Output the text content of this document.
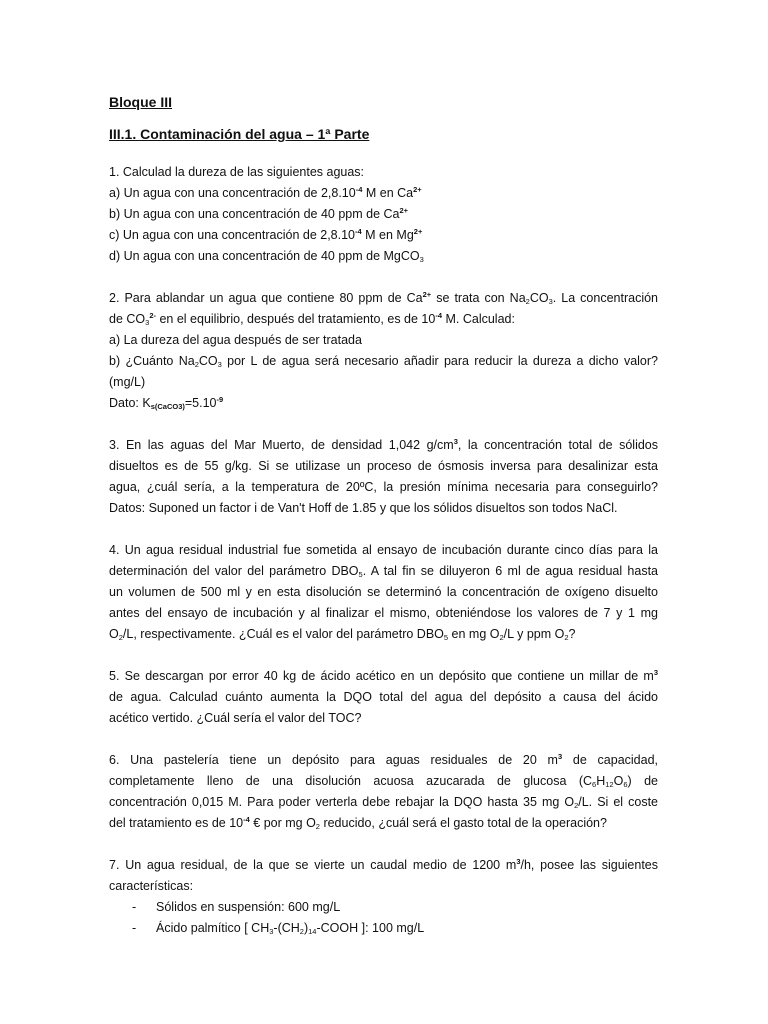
Bloque III
III.1. Contaminación del agua – 1ª Parte
1. Calculad la dureza de las siguientes aguas:
a) Un agua con una concentración de $2,8.10^{-4}$ M en $Ca^{2+}$
b) Un agua con una concentración de 40 ppm de $Ca^{2+}$
c) Un agua con una concentración de $2,8.10^{-4}$ M en $Mg^{2+}$
d) Un agua con una concentración de 40 ppm de MgCO$_3$
2. Para ablandar un agua que contiene 80 ppm de $Ca^{2+}$ se trata con $Na_2CO_3$. La concentración
de $CO_3^{2-}$ en el equilibrio, después del tratamiento, es de $10^{-4}$ M. Calculad:
a) La dureza del agua después de ser tratada
b) ¿Cuánto $Na_2CO_3$ por L de agua será necesario añadir para reducir la dureza a dicho valor?
(mg/L)
Dato: $K_{s(CaCO3)}=5.10^{-9}$
3. En las aguas del Mar Muerto, de densidad 1,042 $g/cm^3$, la concentración total de sólidos
disueltos es de 55 g/kg. Si se utilizase un proceso de ósmosis inversa para desalinizar esta
agua, ¿cuál sería, a la temperatura de 20ºC, la presión mínima necesaria para conseguirlo?
Datos: Suponed un factor i de Van't Hoff de 1.85 y que los sólidos disueltos son todos NaCl.
4. Un agua residual industrial fue sometida al ensayo de incubación durante cinco días para la
determinación del valor del parámetro $DBO_5$. A tal fin se diluyeron 6 ml de agua residual hasta
un volumen de 500 ml y en esta disolución se determinó la concentración de oxígeno disuelto
antes del ensayo de incubación y al finalizar el mismo, obteniéndose los valores de 7 y 1 mg
$O_2/L$, respectivamente. ¿Cuál es el valor del parámetro $DBO_5$ en mg $O_2/L$ y ppm $O_2$?
5. Se descargan por error 40 kg de ácido acético en un depósito que contiene un millar de $m^3$
de agua. Calculad cuánto aumenta la DQO total del agua del depósito a causa del ácido
acético vertido. ¿Cuál sería el valor del TOC?
6. Una pastelería tiene un depósito para aguas residuales de 20 $m^3$ de capacidad,
completamente lleno de una disolución acuosa azucarada de glucosa $(C_6H_{12}O_6)$ de
concentración 0,015 M. Para poder verterla debe rebajar la DQO hasta 35 mg $O_2/L$. Si el coste
del tratamiento es de $10^{-4}$ € por mg $O_2$ reducido, ¿cuál será el gasto total de la operación?
7. Un agua residual, de la que se vierte un caudal medio de 1200 $m^3/h$, posee las siguientes
características:
- Sólidos en suspensión: 600 mg/L
- Ácido palmítico [ $CH_3-(CH_2)_{14}$-COOH ]: 100 mg/L
